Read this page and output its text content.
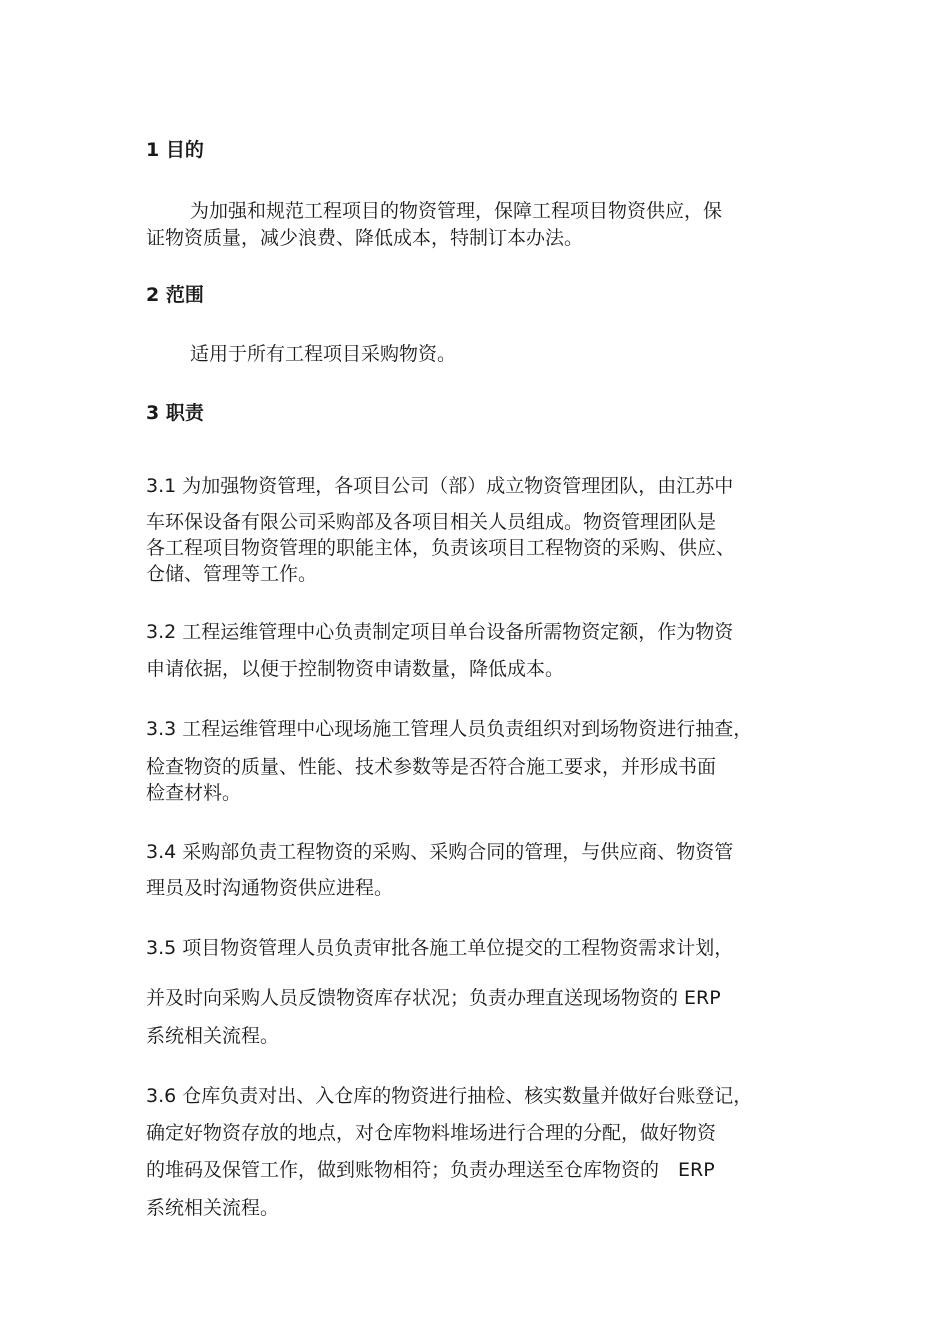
1 目的
为加强和规范工程项目的物资管理，保障工程项目物资供应，保
证物资质量，减少浪费、降低成本，特制订本办法。
2 范围
适用于所有工程项目采购物资。
3 职责
3.1 为加强物资管理，各项目公司（部）成立物资管理团队，由江苏中
车环保设备有限公司采购部及各项目相关人员组成。物资管理团队是
各工程项目物资管理的职能主体，负责该项目工程物资的采购、供应、
仓储、管理等工作。
3.2 工程运维管理中心负责制定项目单台设备所需物资定额，作为物资
申请依据，以便于控制物资申请数量，降低成本。
3.3 工程运维管理中心现场施工管理人员负责组织对到场物资进行抽查，
检查物资的质量、性能、技术参数等是否符合施工要求，并形成书面
检查材料。
3.4 采购部负责工程物资的采购、采购合同的管理，与供应商、物资管
理员及时沟通物资供应进程。
3.5 项目物资管理人员负责审批各施工单位提交的工程物资需求计划，
并及时向采购人员反馈物资库存状况；负责办理直送现场物资的 ERP
系统相关流程。
3.6 仓库负责对出、入仓库的物资进行抽检、核实数量并做好台账登记，
确定好物资存放的地点，对仓库物料堆场进行合理的分配，做好物资
的堆码及保管工作，做到账物相符；负责办理送至仓库物资的　ERP
系统相关流程。
